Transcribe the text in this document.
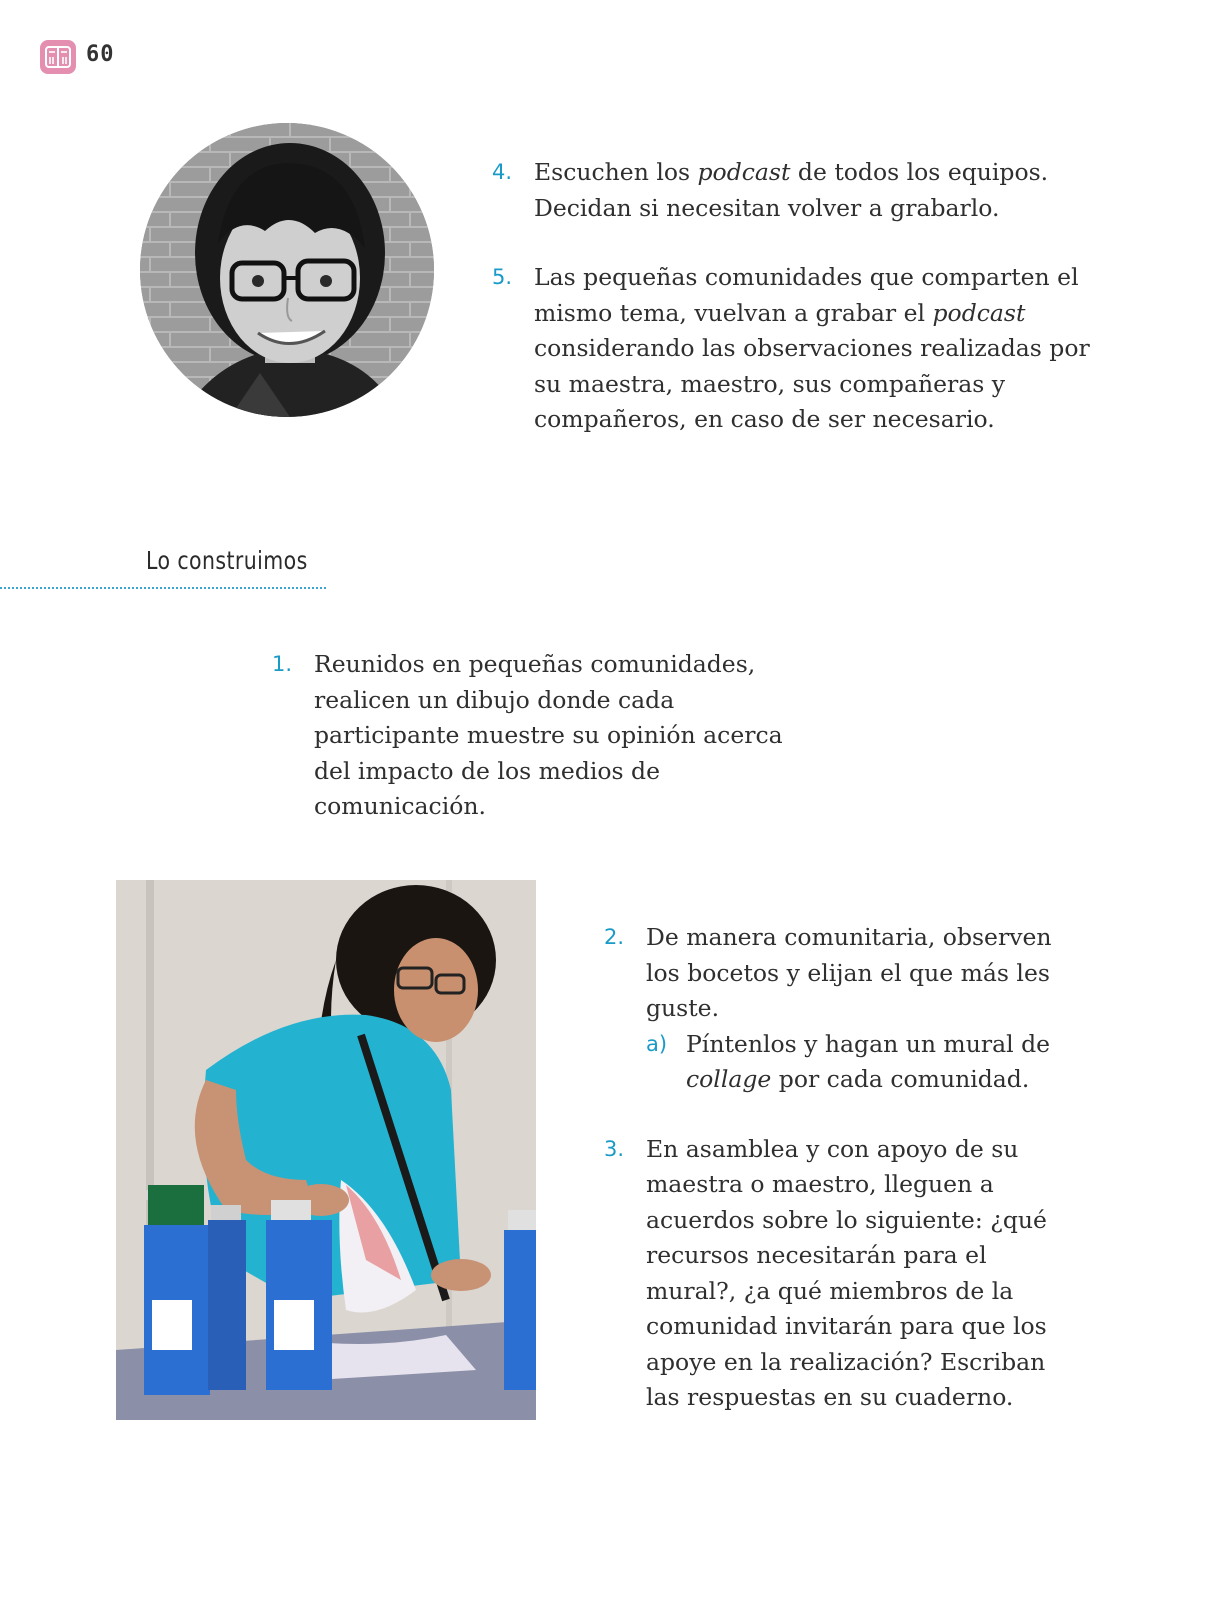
60
4. Escuchen los podcast de todos los equipos. Decidan si necesitan volver a grabarlo.
5. Las pequeñas comunidades que comparten el mismo tema, vuelvan a grabar el podcast considerando las observaciones realizadas por su maestra, maestro, sus compañeras y compañeros, en caso de ser necesario.
Lo construimos
1. Reunidos en pequeñas comunidades, realicen un dibujo donde cada participante muestre su opinión acerca del impacto de los medios de comunicación.
2. De manera comunitaria, observen los bocetos y elijan el que más les guste.
a) Píntenlos y hagan un mural de collage por cada comunidad.
3. En asamblea y con apoyo de su maestra o maestro, lleguen a acuerdos sobre lo siguiente: ¿qué recursos necesitarán para el mural?, ¿a qué miembros de la comunidad invitarán para que los apoye en la realización? Escriban las respuestas en su cuaderno.
